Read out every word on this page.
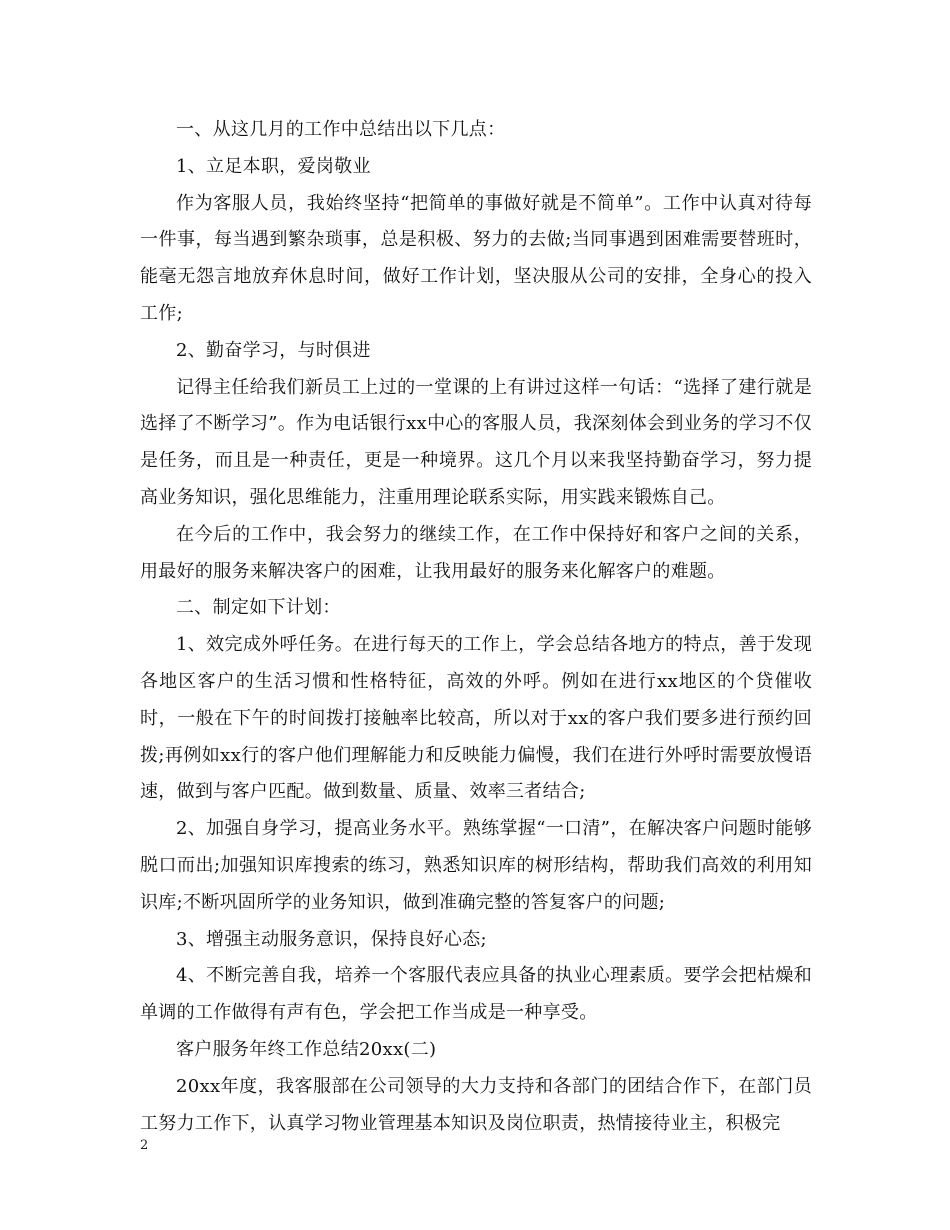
一、从这几月的工作中总结出以下几点：

1、立足本职，爱岗敬业

作为客服人员，我始终坚持“把简单的事做好就是不简单”。工作中认真对待每一件事，每当遇到繁杂琐事，总是积极、努力的去做;当同事遇到困难需要替班时，能毫无怨言地放弃休息时间，做好工作计划，坚决服从公司的安排，全身心的投入工作;

2、勤奋学习，与时俱进

记得主任给我们新员工上过的一堂课的上有讲过这样一句话：“选择了建行就是选择了不断学习”。作为电话银行xx中心的客服人员，我深刻体会到业务的学习不仅是任务，而且是一种责任，更是一种境界。这几个月以来我坚持勤奋学习，努力提高业务知识，强化思维能力，注重用理论联系实际，用实践来锻炼自己。

在今后的工作中，我会努力的继续工作，在工作中保持好和客户之间的关系，用最好的服务来解决客户的困难，让我用最好的服务来化解客户的难题。

二、制定如下计划：

1、效完成外呼任务。在进行每天的工作上，学会总结各地方的特点，善于发现各地区客户的生活习惯和性格特征，高效的外呼。例如在进行xx地区的个贷催收时，一般在下午的时间拨打接触率比较高，所以对于xx的客户我们要多进行预约回拨;再例如xx行的客户他们理解能力和反映能力偏慢，我们在进行外呼时需要放慢语速，做到与客户匹配。做到数量、质量、效率三者结合;

2、加强自身学习，提高业务水平。熟练掌握“一口清”，在解决客户问题时能够脱口而出;加强知识库搜索的练习，熟悉知识库的树形结构，帮助我们高效的利用知识库;不断巩固所学的业务知识，做到准确完整的答复客户的问题;

3、增强主动服务意识，保持良好心态;

4、不断完善自我，培养一个客服代表应具备的执业心理素质。要学会把枯燥和单调的工作做得有声有色，学会把工作当成是一种享受。

客户服务年终工作总结20xx(二)

20xx年度，我客服部在公司领导的大力支持和各部门的团结合作下，在部门员工努力工作下，认真学习物业管理基本知识及岗位职责，热情接待业主，积极完

2
